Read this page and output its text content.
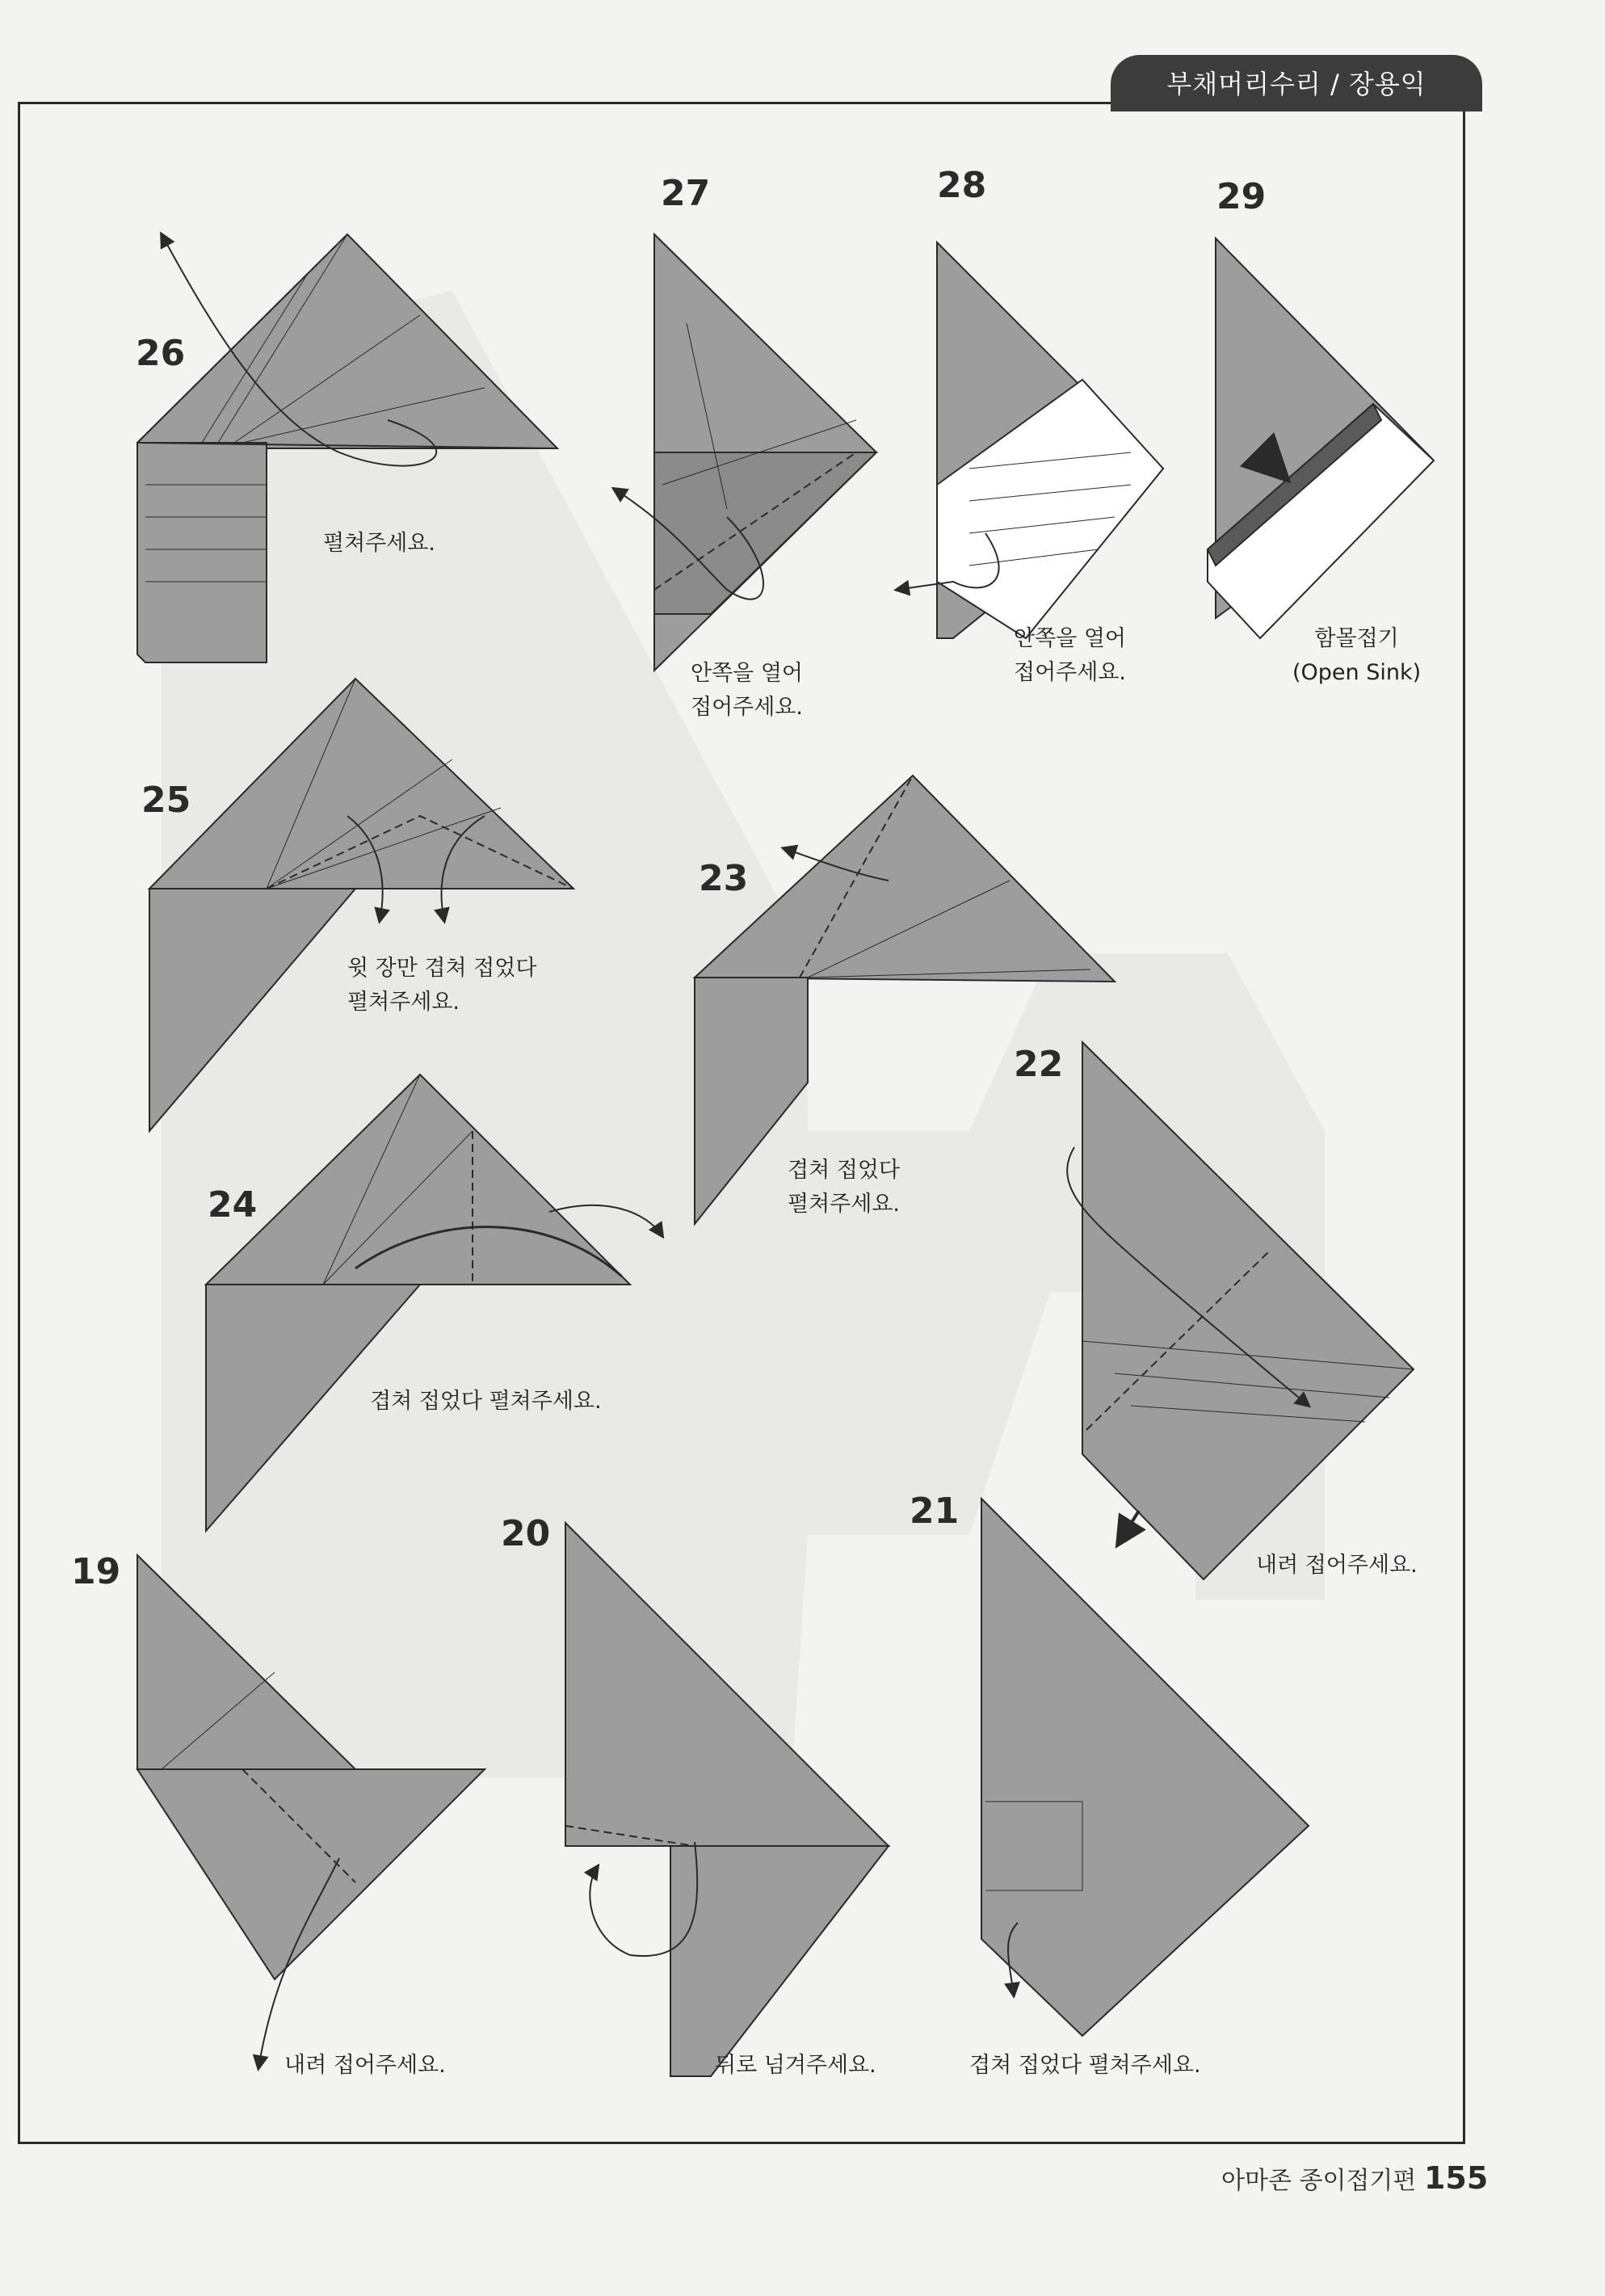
부채머리수리 / 장용익
26
27	28	29
25
23
22
24
19
20
21
펼쳐주세요.
안쪽을 열어
접어주세요.
안쪽을 열어
접어주세요.
함몰접기
(Open Sink)
윗 장만 겹쳐 접었다
펼쳐주세요.
겹쳐 접었다
펼쳐주세요.
겹쳐 접었다 펼쳐주세요.
내려 접어주세요.
내려 접어주세요.	뒤로 넘겨주세요.	겹쳐 접었다 펼쳐주세요.
아마존 종이접기편 155
